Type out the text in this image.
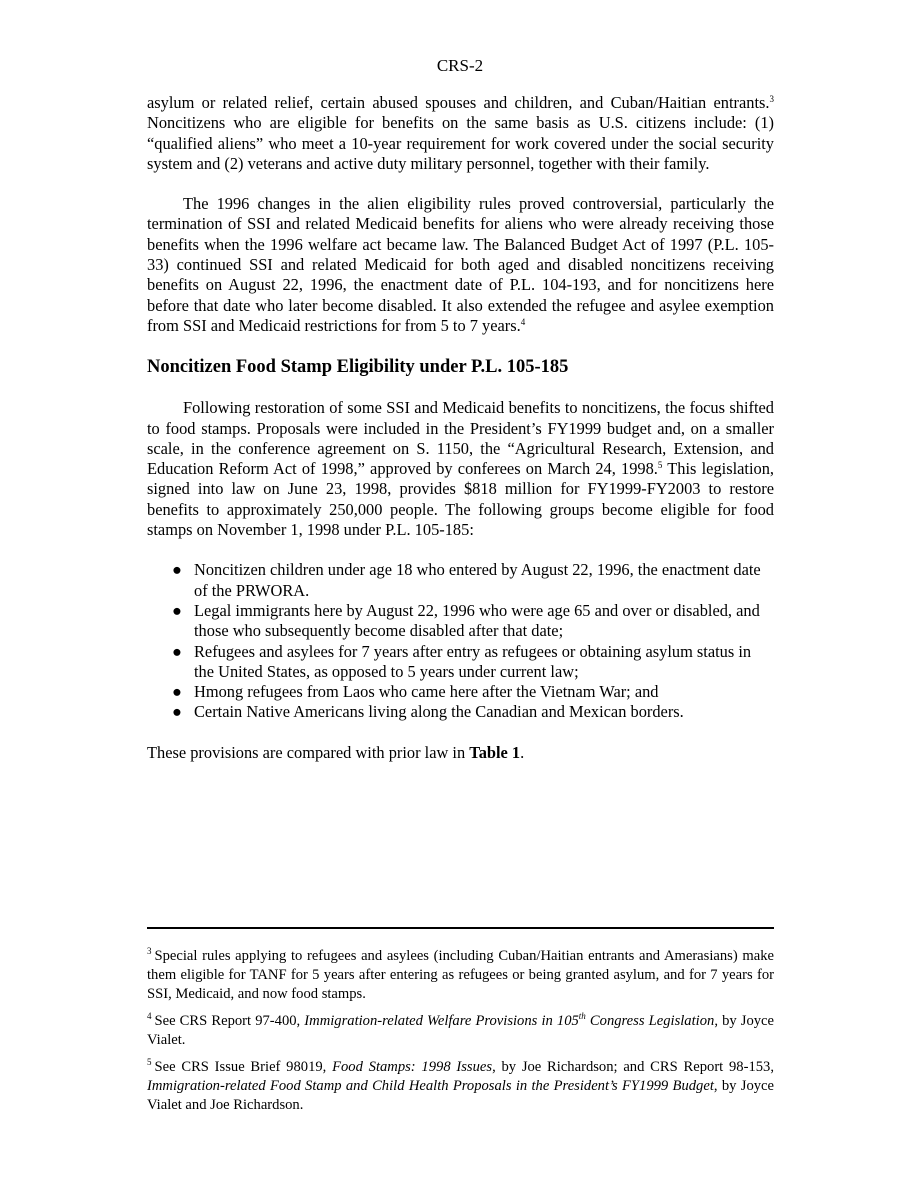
CRS-2

asylum or related relief, certain abused spouses and children, and Cuban/Haitian entrants.$^3$ Noncitizens who are eligible for benefits on the same basis as U.S. citizens include: (1) “qualified aliens” who meet a 10-year requirement for work covered under the social security system and (2) veterans and active duty military personnel, together with their family.

The 1996 changes in the alien eligibility rules proved controversial, particularly the termination of SSI and related Medicaid benefits for aliens who were already receiving those benefits when the 1996 welfare act became law. The Balanced Budget Act of 1997 (P.L. 105-33) continued SSI and related Medicaid for both aged and disabled noncitizens receiving benefits on August 22, 1996, the enactment date of P.L. 104-193, and for noncitizens here before that date who later become disabled. It also extended the refugee and asylee exemption from SSI and Medicaid restrictions for from 5 to 7 years.$^4$

Noncitizen Food Stamp Eligibility under P.L. 105-185

Following restoration of some SSI and Medicaid benefits to noncitizens, the focus shifted to food stamps. Proposals were included in the President’s FY1999 budget and, on a smaller scale, in the conference agreement on S. 1150, the “Agricultural Research, Extension, and Education Reform Act of 1998,” approved by conferees on March 24, 1998.$^5$ This legislation, signed into law on June 23, 1998, provides $818 million for FY1999-FY2003 to restore benefits to approximately 250,000 people. The following groups become eligible for food stamps on November 1, 1998 under P.L. 105-185:

● Noncitizen children under age 18 who entered by August 22, 1996, the enactment date of the PRWORA.
● Legal immigrants here by August 22, 1996 who were age 65 and over or disabled, and those who subsequently become disabled after that date;
● Refugees and asylees for 7 years after entry as refugees or obtaining asylum status in the United States, as opposed to 5 years under current law;
● Hmong refugees from Laos who came here after the Vietnam War; and
● Certain Native Americans living along the Canadian and Mexican borders.

These provisions are compared with prior law in Table 1.

$^3$ Special rules applying to refugees and asylees (including Cuban/Haitian entrants and Amerasians) make them eligible for TANF for 5 years after entering as refugees or being granted asylum, and for 7 years for SSI, Medicaid, and now food stamps.

$^4$ See CRS Report 97-400, Immigration-related Welfare Provisions in 105th Congress Legislation, by Joyce Vialet.

$^5$ See CRS Issue Brief 98019, Food Stamps: 1998 Issues, by Joe Richardson; and CRS Report 98-153, Immigration-related Food Stamp and Child Health Proposals in the President’s FY1999 Budget, by Joyce Vialet and Joe Richardson.
